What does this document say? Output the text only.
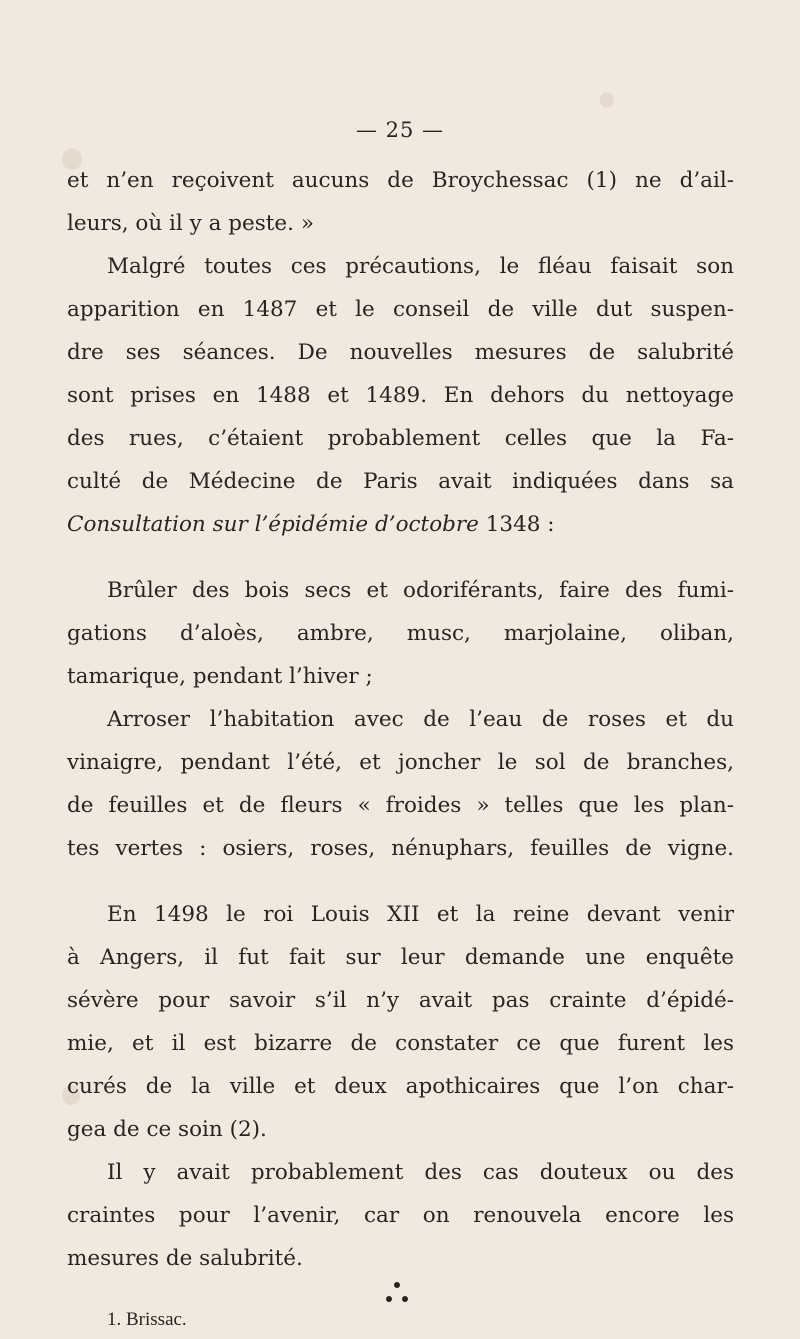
— 25 —
et n’en reçoivent aucuns de Broychessac (1) ne d’ail-
leurs, où il y a peste. »
Malgré toutes ces précautions, le fléau faisait son
apparition en 1487 et le conseil de ville dut suspen-
dre ses séances. De nouvelles mesures de salubrité
sont prises en 1488 et 1489. En dehors du nettoyage
des rues, c’étaient probablement celles que la Fa-
culté de Médecine de Paris avait indiquées dans sa
Consultation sur l’épidémie d’octobre 1348 :
Brûler des bois secs et odoriférants, faire des fumi-
gations d’aloès, ambre, musc, marjolaine, oliban,
tamarique, pendant l’hiver ;
Arroser l’habitation avec de l’eau de roses et du
vinaigre, pendant l’été, et joncher le sol de branches,
de feuilles et de fleurs « froides » telles que les plan-
tes vertes : osiers, roses, nénuphars, feuilles de vigne.
En 1498 le roi Louis XII et la reine devant venir
à Angers, il fut fait sur leur demande une enquête
sévère pour savoir s’il n’y avait pas crainte d’épidé-
mie, et il est bizarre de constater ce que furent les
curés de la ville et deux apothicaires que l’on char-
gea de ce soin (2).
Il y avait probablement des cas douteux ou des
craintes pour l’avenir, car on renouvela encore les
mesures de salubrité.
1. Brissac.
